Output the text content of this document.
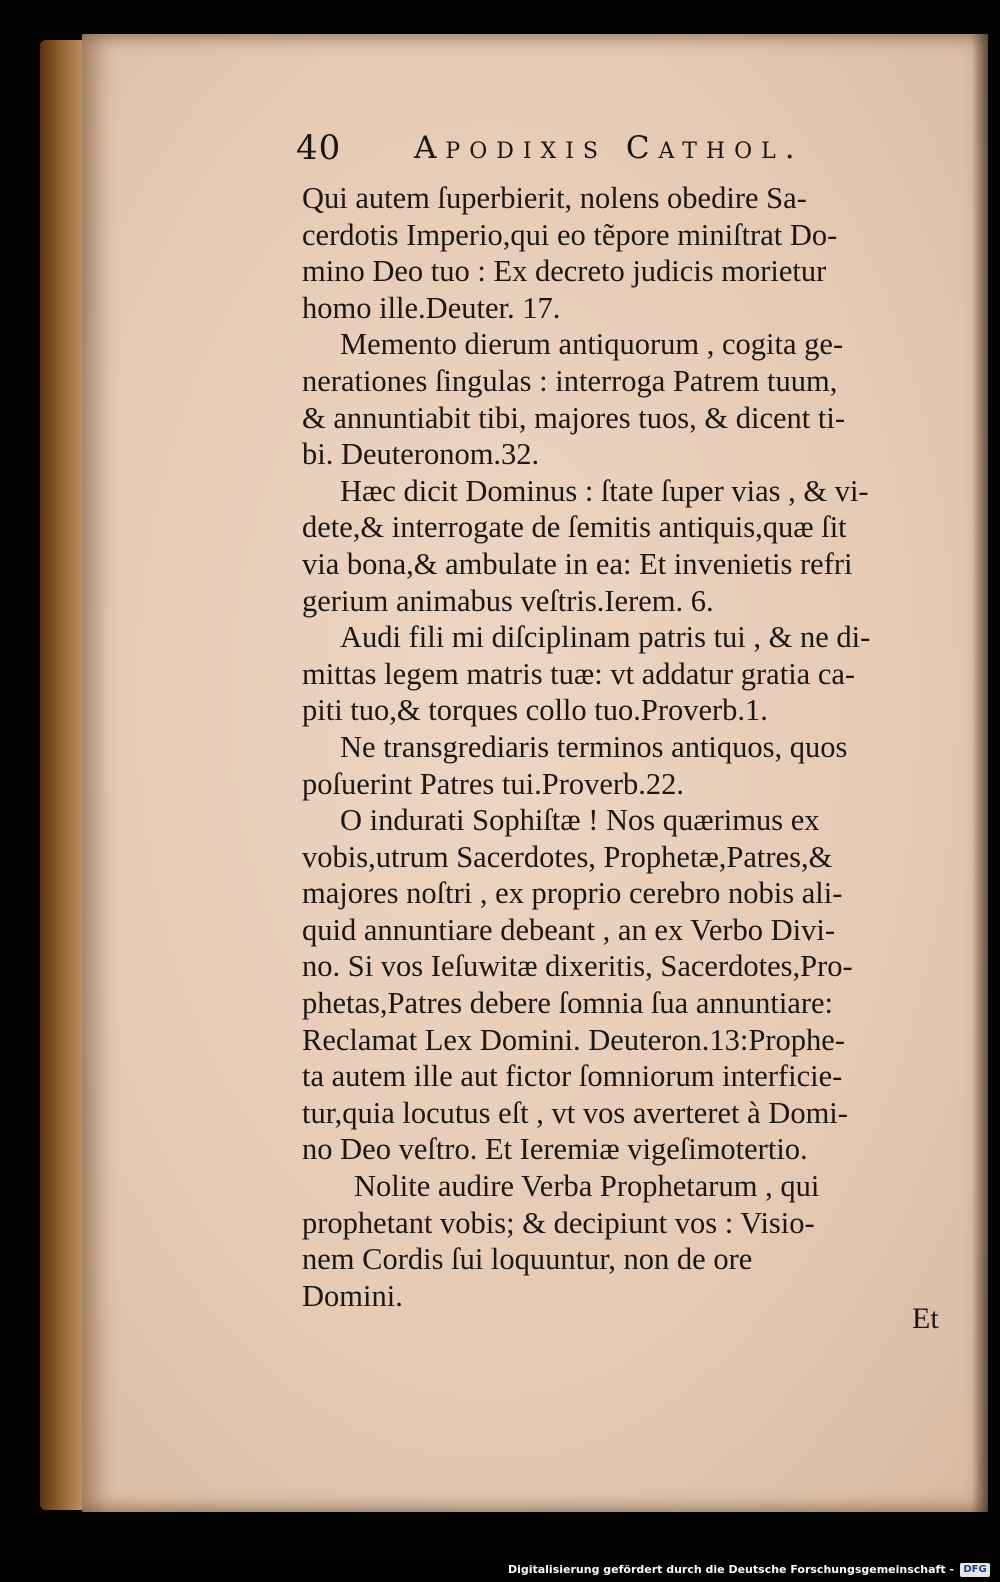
40 Apodixis Cathol.
Qui autem ſuperbierit, nolens obedire Sa-
cerdotis Imperio,qui eo tẽpore miniſtrat Do-
mino Deo tuo : Ex decreto judicis morietur
homo ille.Deuter. 17.
Memento dierum antiquorum , cogita ge-
nerationes ſingulas : interroga Patrem tuum,
& annuntiabit tibi, majores tuos, & dicent ti-
bi. Deuteronom.32.
Hæc dicit Dominus : ſtate ſuper vias , & vi-
dete,& interrogate de ſemitis antiquis,quæ ſit
via bona,& ambulate in ea: Et invenietis refri
gerium animabus veſtris.Ierem. 6.
Audi fili mi diſciplinam patris tui , & ne di-
mittas legem matris tuæ: vt addatur gratia ca-
piti tuo,& torques collo tuo.Proverb.1.
Ne transgrediaris terminos antiquos, quos
poſuerint Patres tui.Proverb.22.
O indurati Sophiſtæ ! Nos quærimus ex
vobis,utrum Sacerdotes, Prophetæ,Patres,&
majores noſtri , ex proprio cerebro nobis ali-
quid annuntiare debeant , an ex Verbo Divi-
no. Si vos Ieſuwitæ dixeritis, Sacerdotes,Pro-
phetas,Patres debere ſomnia ſua annuntiare:
Reclamat Lex Domini. Deuteron.13:Prophe-
ta autem ille aut fictor ſomniorum interficie-
tur,quia locutus eſt , vt vos averteret à Domi-
no Deo veſtro. Et Ieremiæ vigeſimotertio.
Nolite audire Verba Prophetarum , qui
prophetant vobis; & decipiunt vos : Visio-
nem Cordis ſui loquuntur, non de ore
Domini.
Et
Digitalisierung gefördert durch die Deutsche Forschungsgemeinschaft - DFG
